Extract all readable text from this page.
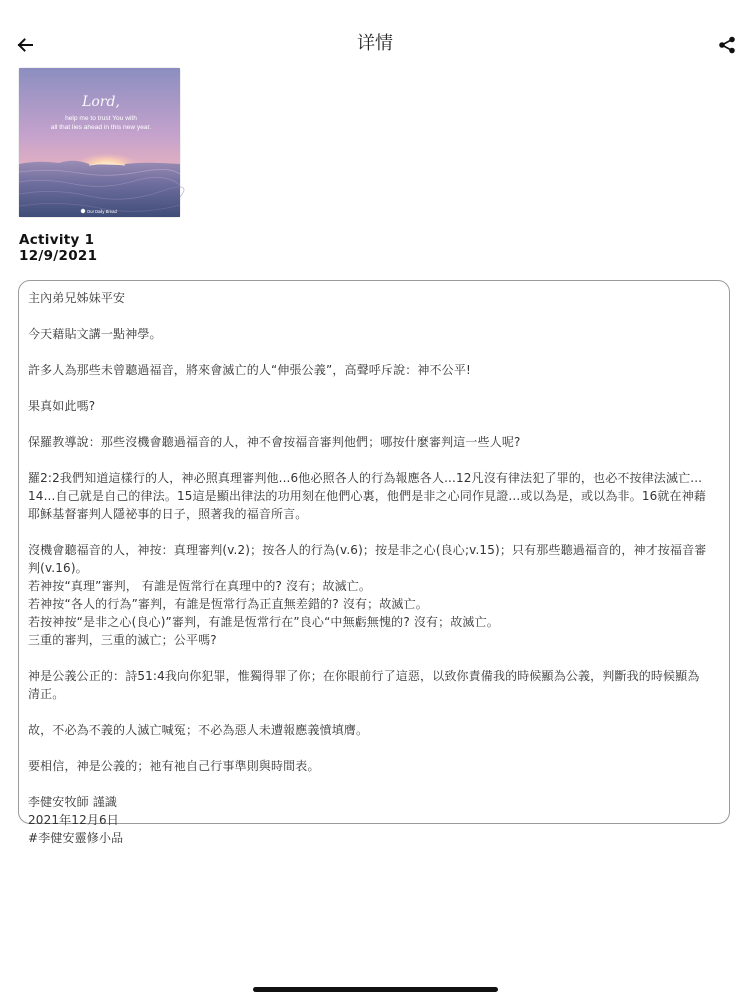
详情
Lord,
help me to trust You with
all that lies ahead in this new year.
Our Daily Bread
Activity 1
12/9/2021

主內弟兄姊妹平安

今天藉貼文講一點神學。

許多人為那些未曾聽過福音，將來會滅亡的人“伸張公義”，高聲呼斥說：神不公平!

果真如此嗎?

保羅教導說：那些沒機會聽過福音的人，神不會按福音審判他們；哪按什麼審判這一些人呢?

羅2:2我們知道這樣行的人，神必照真理審判他...6他必照各人的行為報應各人...12凡沒有律法犯了罪的，也必不按律法滅亡...
14...自己就是自己的律法。15這是顯出律法的功用刻在他們心裏，他們是非之心同作見證...或以為是，或以為非。16就在神藉
耶穌基督審判人隱祕事的日子，照著我的福音所言。

沒機會聽福音的人，神按：真理審判(v.2)；按各人的行為(v.6)；按是非之心(良心;v.15)；只有那些聽過福音的，神才按福音審
判(v.16)。
若神按“真理”審判， 有誰是恆常行在真理中的? 沒有；故滅亡。
若神按“各人的行為”審判，有誰是恆常行為正直無差錯的? 沒有；故滅亡。
若按神按“是非之心(良心)”審判，有誰是恆常行在”良心“中無虧無愧的? 沒有；故滅亡。
三重的審判，三重的滅亡；公平嗎?

神是公義公正的：詩51:4我向你犯罪，惟獨得罪了你；在你眼前行了這惡，以致你責備我的時候顯為公義，判斷我的時候顯為
清正。

故，不必為不義的人滅亡喊冤；不必為惡人未遭報應義憤填膺。

要相信，神是公義的；祂有祂自己行事準則與時間表。

李健安牧師 謹識
2021年12月6日
#李健安靈修小品
